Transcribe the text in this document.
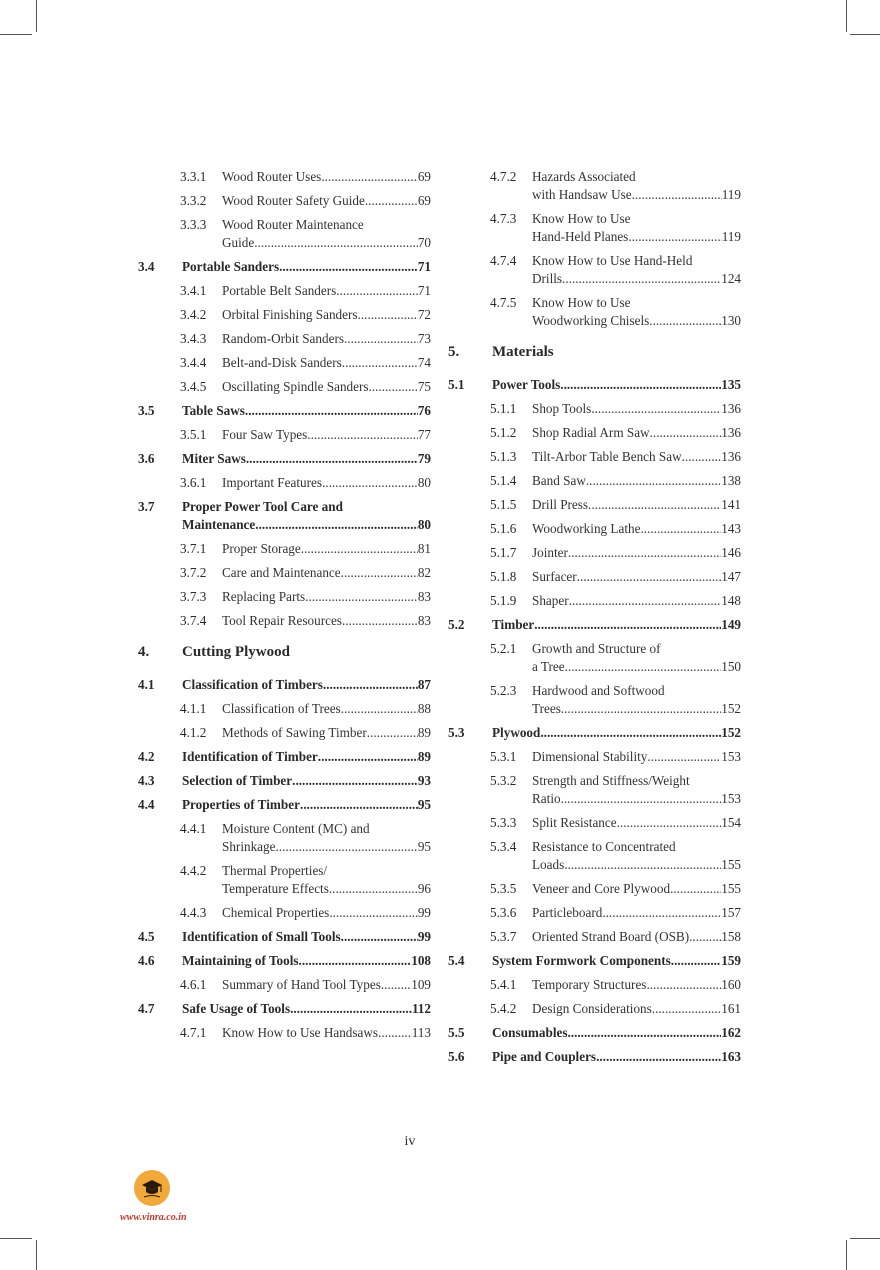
3.3.1	Wood Router Uses .....	69
3.3.2	Wood Router Safety Guide .....	69
3.3.3	Wood Router Maintenance
Guide .....	70
3.4	Portable Sanders .....	71
3.4.1	Portable Belt Sanders .....	71
3.4.2	Orbital Finishing Sanders .....	72
3.4.3	Random-Orbit Sanders .....	73
3.4.4	Belt-and-Disk Sanders .....	74
3.4.5	Oscillating Spindle Sanders .....	75
3.5	Table Saws .....	76
3.5.1	Four Saw Types .....	77
3.6	Miter Saws .....	79
3.6.1	Important Features .....	80
3.7	Proper Power Tool Care and
Maintenance .....	80
3.7.1	Proper Storage .....	81
3.7.2	Care and Maintenance .....	82
3.7.3	Replacing Parts .....	83
3.7.4	Tool Repair Resources .....	83
4.	Cutting Plywood
4.1	Classification of Timbers .....	87
4.1.1	Classification of Trees .....	88
4.1.2	Methods of Sawing Timber .....	89
4.2	Identification of Timber .....	89
4.3	Selection of Timber .....	93
4.4	Properties of Timber .....	95
4.4.1	Moisture Content (MC) and
Shrinkage .....	95
4.4.2	Thermal Properties/
Temperature Effects .....	96
4.4.3	Chemical Properties .....	99
4.5	Identification of Small Tools .....	99
4.6	Maintaining of Tools .....	108
4.6.1	Summary of Hand Tool Types ..... 109
4.7	Safe Usage of Tools .....	112
4.7.1	Know How to Use Handsaws .....	113
4.7.2	Hazards Associated
with Handsaw Use .....	119
4.7.3	Know How to Use
Hand-Held Planes .....	119
4.7.4	Know How to Use Hand-Held
Drills .....	124
4.7.5	Know How to Use
Woodworking Chisels .....	130
5.	Materials
5.1	Power Tools .....	135
5.1.1	Shop Tools .....	136
5.1.2	Shop Radial Arm Saw .....	136
5.1.3	Tilt-Arbor Table Bench Saw .....	136
5.1.4	Band Saw .....	138
5.1.5	Drill Press .....	141
5.1.6	Woodworking Lathe .....	143
5.1.7	Jointer .....	146
5.1.8	Surfacer .....	147
5.1.9	Shaper .....	148
5.2	Timber .....	149
5.2.1	Growth and Structure of
a Tree .....	150
5.2.3	Hardwood and Softwood
Trees .....	152
5.3	Plywood .....	152
5.3.1	Dimensional Stability .....	153
5.3.2	Strength and Stiffness/Weight
Ratio .....	153
5.3.3	Split Resistance .....	154
5.3.4	Resistance to Concentrated
Loads .....	155
5.3.5	Veneer and Core Plywood .....	155
5.3.6	Particleboard .....	157
5.3.7	Oriented Strand Board (OSB) ..... 158
5.4	System Formwork Components .....	159
5.4.1	Temporary Structures .....	160
5.4.2	Design Considerations .....	161
5.5	Consumables .....	162
5.6	Pipe and Couplers .....	163
iv
www.vinra.co.in
